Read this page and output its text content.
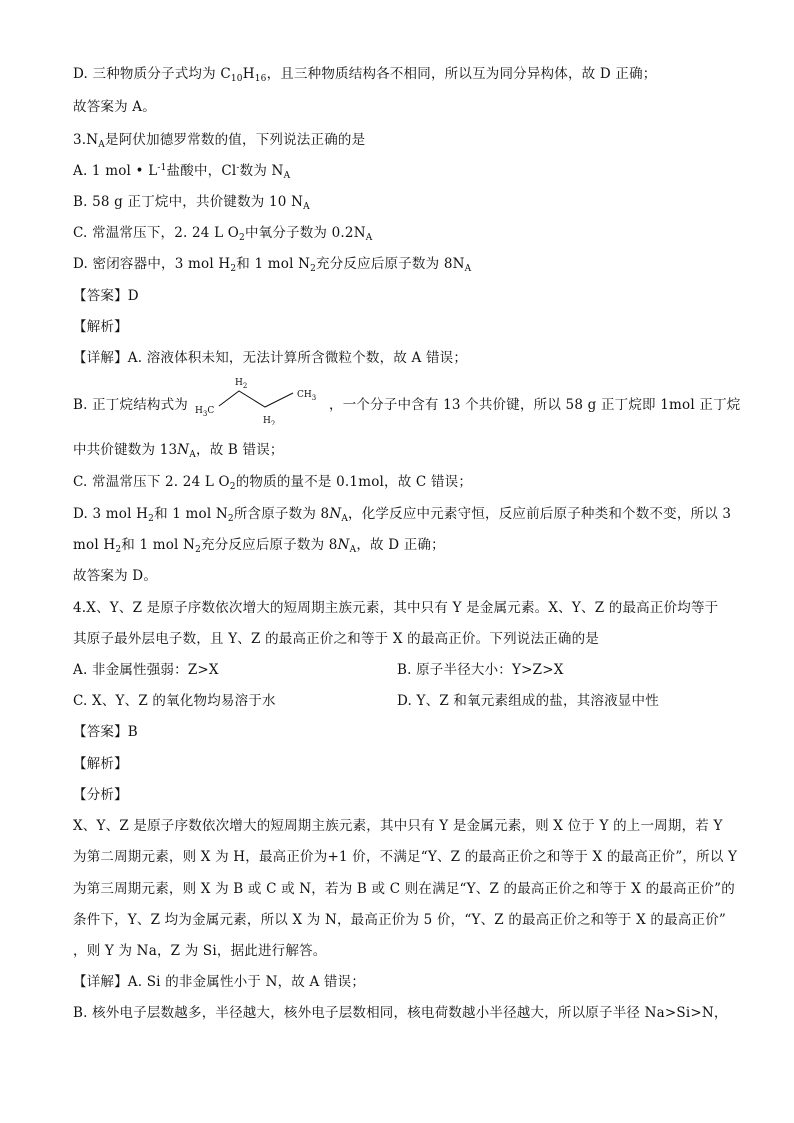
D. 三种物质分子式均为 $C_{10}H_{16}$，且三种物质结构各不相同，所以互为同分异构体，故 D 正确；
故答案为 A。
$3.N_A$是阿伏加德罗常数的值，下列说法正确的是
A. 1 mol • $L^{-1}$盐酸中，Cl-数为 $N_A$
B. 58 g 正丁烷中，共价键数为 10 $N_A$
C. 常温常压下，2. 24 L $O_2$中氧分子数为 $0.2N_A$
D. 密闭容器中，3 mol $H_2$和 1 mol $N_2$充分反应后原子数为 $8N_A$
【答案】D
【解析】
【详解】A. 溶液体积未知，无法计算所含微粒个数，故 A 错误；
B. 正丁烷结构式为
$H_2$
$CH_3$
$H_3C$
$H_2$
，一个分子中含有 13 个共价键，所以 58 g 正丁烷即 1mol 正丁烷
中共价键数为 $13N_A$，故 B 错误；
C. 常温常压下 2. 24 L $O_2$的物质的量不是 0.1mol，故 C 错误；
D. 3 mol $H_2$和 1 mol $N_2$所含原子数为 $8N_A$，化学反应中元素守恒，反应前后原子种类和个数不变，所以 3
mol $H_2$和 1 mol $N_2$充分反应后原子数为 $8N_A$，故 D 正确；
故答案为 D。
4.X、Y、Z 是原子序数依次增大的短周期主族元素，其中只有 Y 是金属元素。X、Y、Z 的最高正价均等于
其原子最外层电子数，且 Y、Z 的最高正价之和等于 X 的最高正价。下列说法正确的是
A. 非金属性强弱：Z>X	B. 原子半径大小：Y>Z>X
C. X、Y、Z 的氧化物均易溶于水	D. Y、Z 和氧元素组成的盐，其溶液显中性
【答案】B
【解析】
【分析】
X、Y、Z 是原子序数依次增大的短周期主族元素，其中只有 Y 是金属元素，则 X 位于 Y 的上一周期，若 Y
为第二周期元素，则 X 为 H，最高正价为+1 价，不满足“Y、Z 的最高正价之和等于 X 的最高正价”，所以 Y
为第三周期元素，则 X 为 B 或 C 或 N，若为 B 或 C 则在满足“Y、Z 的最高正价之和等于 X 的最高正价”的
条件下，Y、Z 均为金属元素，所以 X 为 N，最高正价为 5 价，“Y、Z 的最高正价之和等于 X 的最高正价”
，则 Y 为 Na，Z 为 Si，据此进行解答。
【详解】A. Si 的非金属性小于 N，故 A 错误；
B. 核外电子层数越多，半径越大，核外电子层数相同，核电荷数越小半径越大，所以原子半径 Na>Si>N，
